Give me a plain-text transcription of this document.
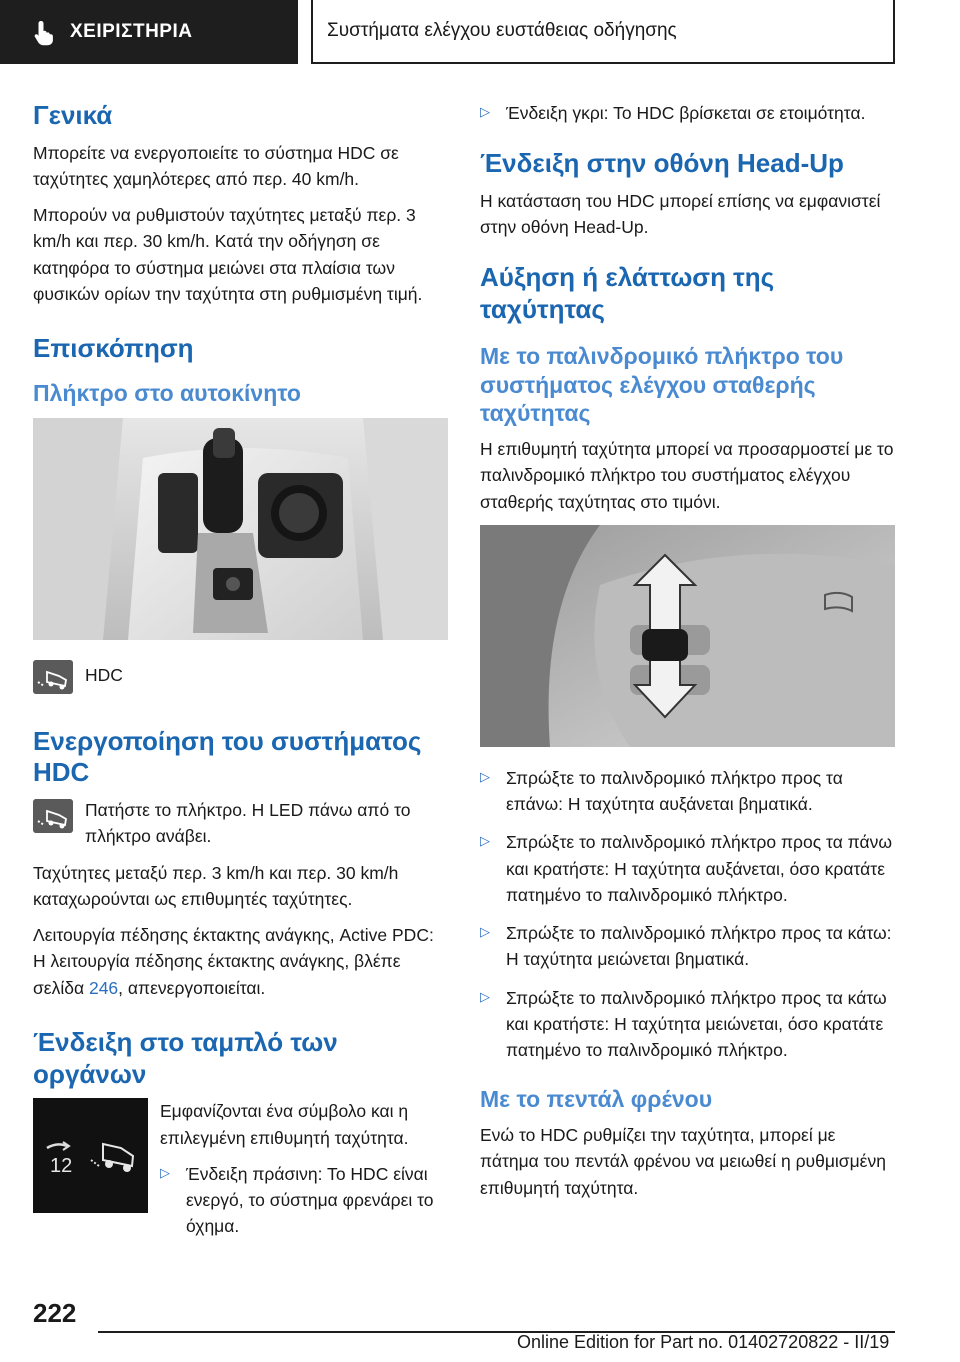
ΧΕΙΡΙΣΤΗΡΙΑ	Συστήματα ελέγχου ευστάθειας οδήγησης
Γενικά

Μπορείτε να ενεργοποιείτε το σύστημα HDC σε ταχύτητες χαμηλότερες από περ. 40 km/h.

Μπορούν να ρυθμιστούν ταχύτητες μεταξύ περ. 3 km/h και περ. 30 km/h. Κατά την οδήγηση σε κατηφόρα το σύστημα μειώνει στα πλαίσια των φυσικών ορίων την ταχύτητα στη ρυθμισμένη τιμή.

Επισκόπηση
Πλήκτρο στο αυτοκίνητο

HDC

Ενεργοποίηση του συστήματος HDC

Πατήστε το πλήκτρο. Η LED πάνω από το πλήκτρο ανάβει.

Ταχύτητες μεταξύ περ. 3 km/h και περ. 30 km/h καταχωρούνται ως επιθυμητές ταχύτητες.

Λειτουργία πέδησης έκτακτης ανάγκης, Active PDC: Η λειτουργία πέδησης έκτακτης ανάγκης, βλέπε σελίδα 246, απενεργοποιείται.

Ένδειξη στο ταμπλό των οργάνων
12

Εμφανίζονται ένα σύμβολο και η επιλεγμένη επιθυμητή ταχύτητα.

▷ Ένδειξη πράσινη: Το HDC είναι ενεργό, το σύστημα φρενάρει το όχημα.

▷ Ένδειξη γκρι: Το HDC βρίσκεται σε ετοιμότητα.

Ένδειξη στην οθόνη Head-Up

Η κατάσταση του HDC μπορεί επίσης να εμφανιστεί στην οθόνη Head-Up.

Αύξηση ή ελάττωση της ταχύτητας
Με το παλινδρομικό πλήκτρο του συστήματος ελέγχου σταθερής ταχύτητας

Η επιθυμητή ταχύτητα μπορεί να προσαρμοστεί με το παλινδρομικό πλήκτρο του συστήματος ελέγχου σταθερής ταχύτητας στο τιμόνι.

▷ Σπρώξτε το παλινδρομικό πλήκτρο προς τα επάνω: Η ταχύτητα αυξάνεται βηματικά.

▷ Σπρώξτε το παλινδρομικό πλήκτρο προς τα πάνω και κρατήστε: Η ταχύτητα αυξάνεται, όσο κρατάτε πατημένο το παλινδρομικό πλήκτρο.

▷ Σπρώξτε το παλινδρομικό πλήκτρο προς τα κάτω: Η ταχύτητα μειώνεται βηματικά.

▷ Σπρώξτε το παλινδρομικό πλήκτρο προς τα κάτω και κρατήστε: Η ταχύτητα μειώνεται, όσο κρατάτε πατημένο το παλινδρομικό πλήκτρο.

Με το πεντάλ φρένου

Ενώ το HDC ρυθμίζει την ταχύτητα, μπορεί με πάτημα του πεντάλ φρένου να μειωθεί η ρυθμισμένη επιθυμητή ταχύτητα.

222
Online Edition for Part no. 01402720822 - II/19
